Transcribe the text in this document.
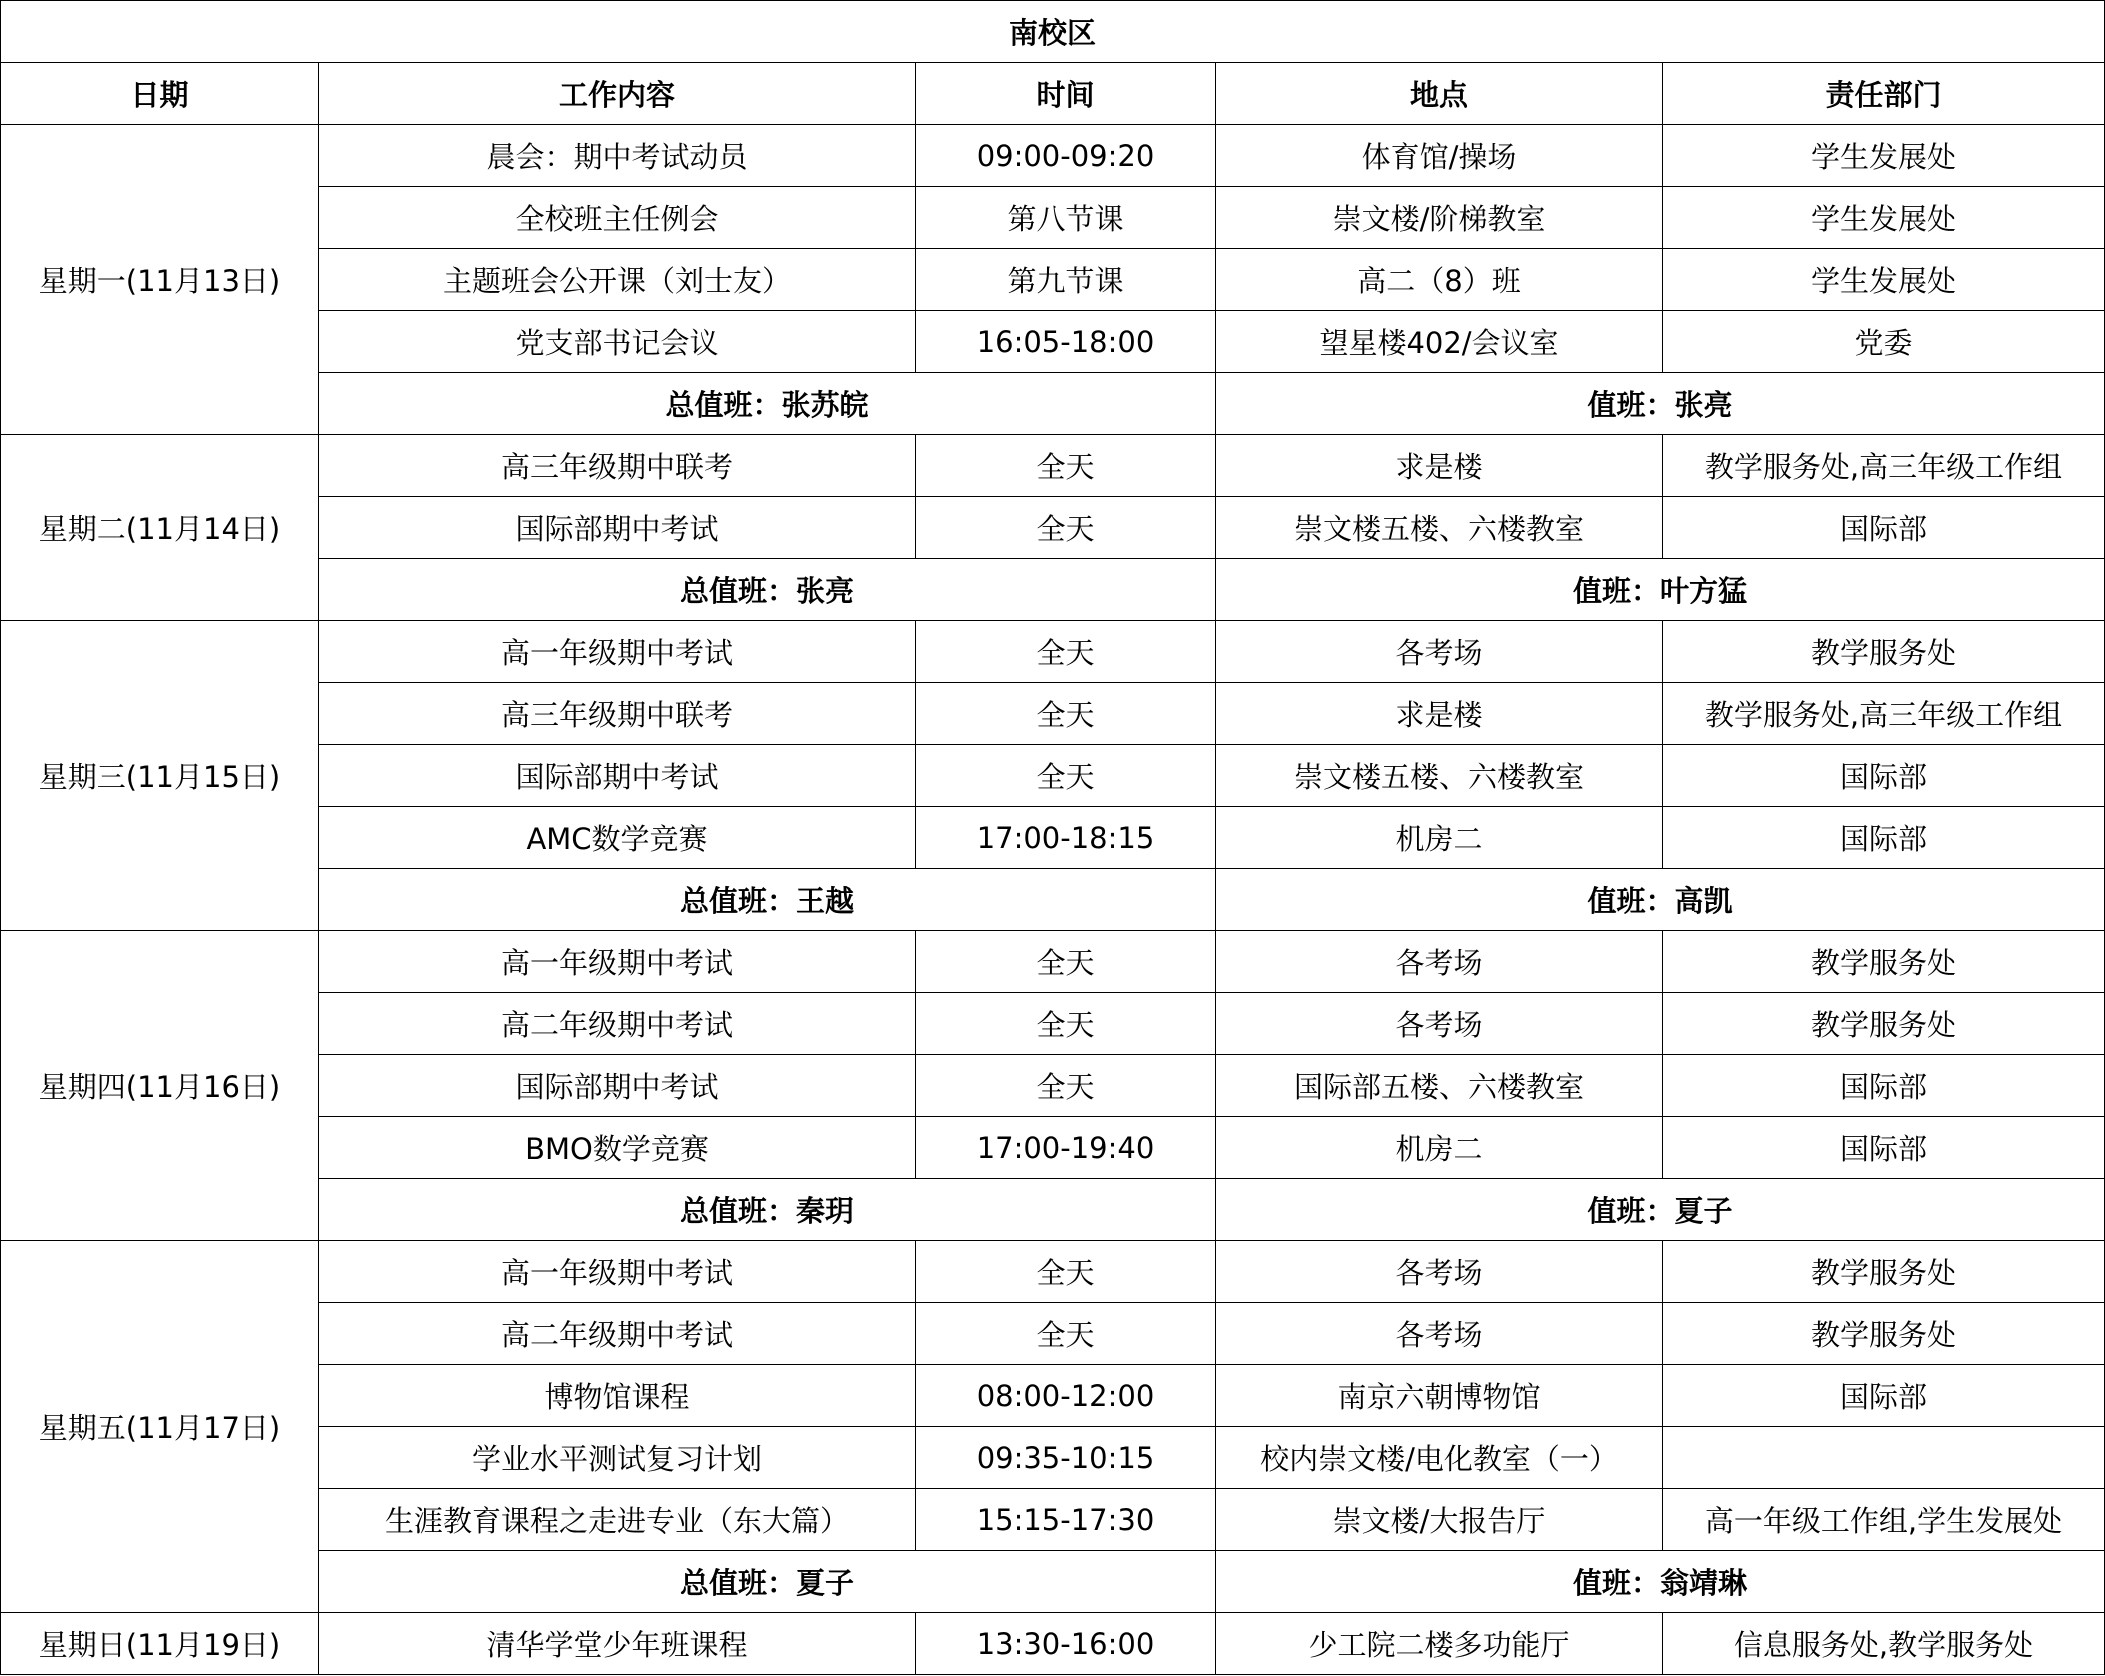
南校区				
日期	工作内容	时间	地点	责任部门
星期一(11月13日)	晨会：期中考试动员	09:00-09:20	体育馆/操场	学生发展处
	全校班主任例会	第八节课	崇文楼/阶梯教室	学生发展处
	主题班会公开课（刘士友）	第九节课	高二（8）班	学生发展处
	党支部书记会议	16:05-18:00	望星楼402/会议室	党委
	总值班：张苏皖		值班：张亮	
星期二(11月14日)	高三年级期中联考	全天	求是楼	教学服务处,高三年级工作组
	国际部期中考试	全天	崇文楼五楼、六楼教室	国际部
	总值班：张亮		值班：叶方猛	
星期三(11月15日)	高一年级期中考试	全天	各考场	教学服务处
	高三年级期中联考	全天	求是楼	教学服务处,高三年级工作组
	国际部期中考试	全天	崇文楼五楼、六楼教室	国际部
	AMC数学竞赛	17:00-18:15	机房二	国际部
	总值班：王越		值班：高凯	
星期四(11月16日)	高一年级期中考试	全天	各考场	教学服务处
	高二年级期中考试	全天	各考场	教学服务处
	国际部期中考试	全天	国际部五楼、六楼教室	国际部
	BMO数学竞赛	17:00-19:40	机房二	国际部
	总值班：秦玥		值班：夏子	
星期五(11月17日)	高一年级期中考试	全天	各考场	教学服务处
	高二年级期中考试	全天	各考场	教学服务处
	博物馆课程	08:00-12:00	南京六朝博物馆	国际部
	学业水平测试复习计划	09:35-10:15	校内崇文楼/电化教室（一）	
	生涯教育课程之走进专业（东大篇）	15:15-17:30	崇文楼/大报告厅	高一年级工作组,学生发展处
	总值班：夏子		值班：翁靖琳	
星期日(11月19日)	清华学堂少年班课程	13:30-16:00	少工院二楼多功能厅	信息服务处,教学服务处
